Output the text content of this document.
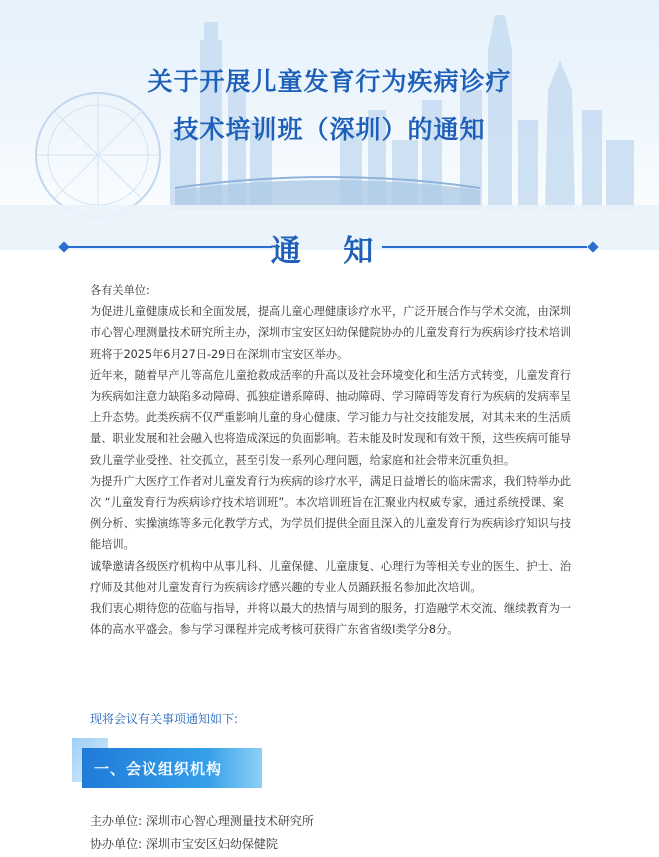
关于开展儿童发育行为疾病诊疗
技术培训班（深圳）的通知
通 知

各有关单位:

为促进儿童健康成长和全面发展，提高儿童心理健康诊疗水平，广泛开展合作与学术交流，由深圳市心智心理测量技术研究所主办，深圳市宝安区妇幼保健院协办的儿童发育行为疾病诊疗技术培训班将于2025年6月27日-29日在深圳市宝安区举办。

近年来，随着早产儿等高危儿童抢救成活率的升高以及社会环境变化和生活方式转变，儿童发育行为疾病如注意力缺陷多动障碍、孤独症谱系障碍、抽动障碍、学习障碍等发育行为疾病的发病率呈上升态势。此类疾病不仅严重影响儿童的身心健康、学习能力与社交技能发展，对其未来的生活质量、职业发展和社会融入也将造成深远的负面影响。若未能及时发现和有效干预，这些疾病可能导致儿童学业受挫、社交孤立，甚至引发一系列心理问题，给家庭和社会带来沉重负担。

为提升广大医疗工作者对儿童发育行为疾病的诊疗水平，满足日益增长的临床需求，我们特举办此次 “儿童发育行为疾病诊疗技术培训班”。本次培训班旨在汇聚业内权威专家，通过系统授课、案例分析、实操演练等多元化教学方式，为学员们提供全面且深入的儿童发育行为疾病诊疗知识与技能培训。

诚挚邀请各级医疗机构中从事儿科、儿童保健、儿童康复、心理行为等相关专业的医生、护士、治疗师及其他对儿童发育行为疾病诊疗感兴趣的专业人员踊跃报名参加此次培训。

我们衷心期待您的莅临与指导，并将以最大的热情与周到的服务，打造融学术交流、继续教育为一体的高水平盛会。参与学习课程并完成考核可获得广东省省级I类学分8分。

现将会议有关事项通知如下:
一、会议组织机构
主办单位: 深圳市心智心理测量技术研究所
协办单位: 深圳市宝安区妇幼保健院
